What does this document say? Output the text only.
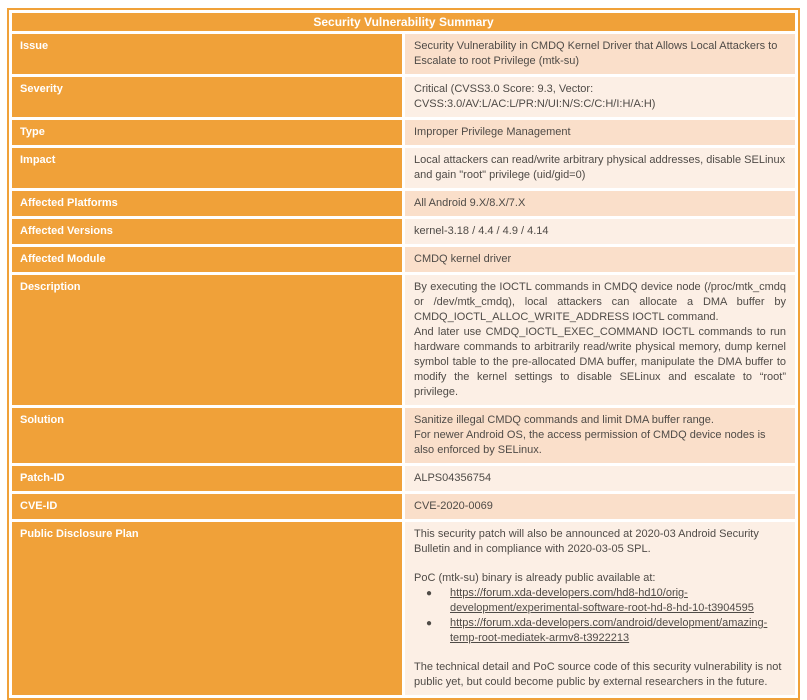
Security Vulnerability Summary	
Issue	Security Vulnerability in CMDQ Kernel Driver that Allows Local Attackers to Escalate to root Privilege (mtk-su)
Severity	Critical (CVSS3.0 Score: 9.3, Vector: CVSS:3.0/AV:L/AC:L/PR:N/UI:N/S:C/C:H/I:H/A:H)
Type	Improper Privilege Management
Impact	Local attackers can read/write arbitrary physical addresses, disable SELinux and gain "root" privilege (uid/gid=0)
Affected Platforms	All Android 9.X/8.X/7.X
Affected Versions	kernel-3.18 / 4.4 / 4.9 / 4.14
Affected Module	CMDQ kernel driver
Description	By executing the IOCTL commands in CMDQ device node (/proc/mtk_cmdq or /dev/mtk_cmdq), local attackers can allocate a DMA buffer by CMDQ_IOCTL_ALLOC_WRITE_ADDRESS IOCTL command.

And later use CMDQ_IOCTL_EXEC_COMMAND IOCTL commands to run hardware commands to arbitrarily read/write physical memory, dump kernel symbol table to the pre-allocated DMA buffer, manipulate the DMA buffer to modify the kernel settings to disable SELinux and escalate to “root” privilege.

Solution	Sanitize illegal CMDQ commands and limit DMA buffer range.

For newer Android OS, the access permission of CMDQ device nodes is also enforced by SELinux.

Patch-ID	ALPS04356754
CVE-ID	CVE-2020-0069
Public Disclosure Plan	This security patch will also be announced at 2020-03 Android Security Bulletin and in compliance with 2020-03-05 SPL.

PoC (mtk-su) binary is already public available at:

● https://forum.xda-developers.com/hd8-hd10/orig-development/experimental-software-root-hd-8-hd-10-t3904595
● https://forum.xda-developers.com/android/development/amazing-temp-root-mediatek-armv8-t3922213

The technical detail and PoC source code of this security vulnerability is not public yet, but could become public by external researchers in the future.
